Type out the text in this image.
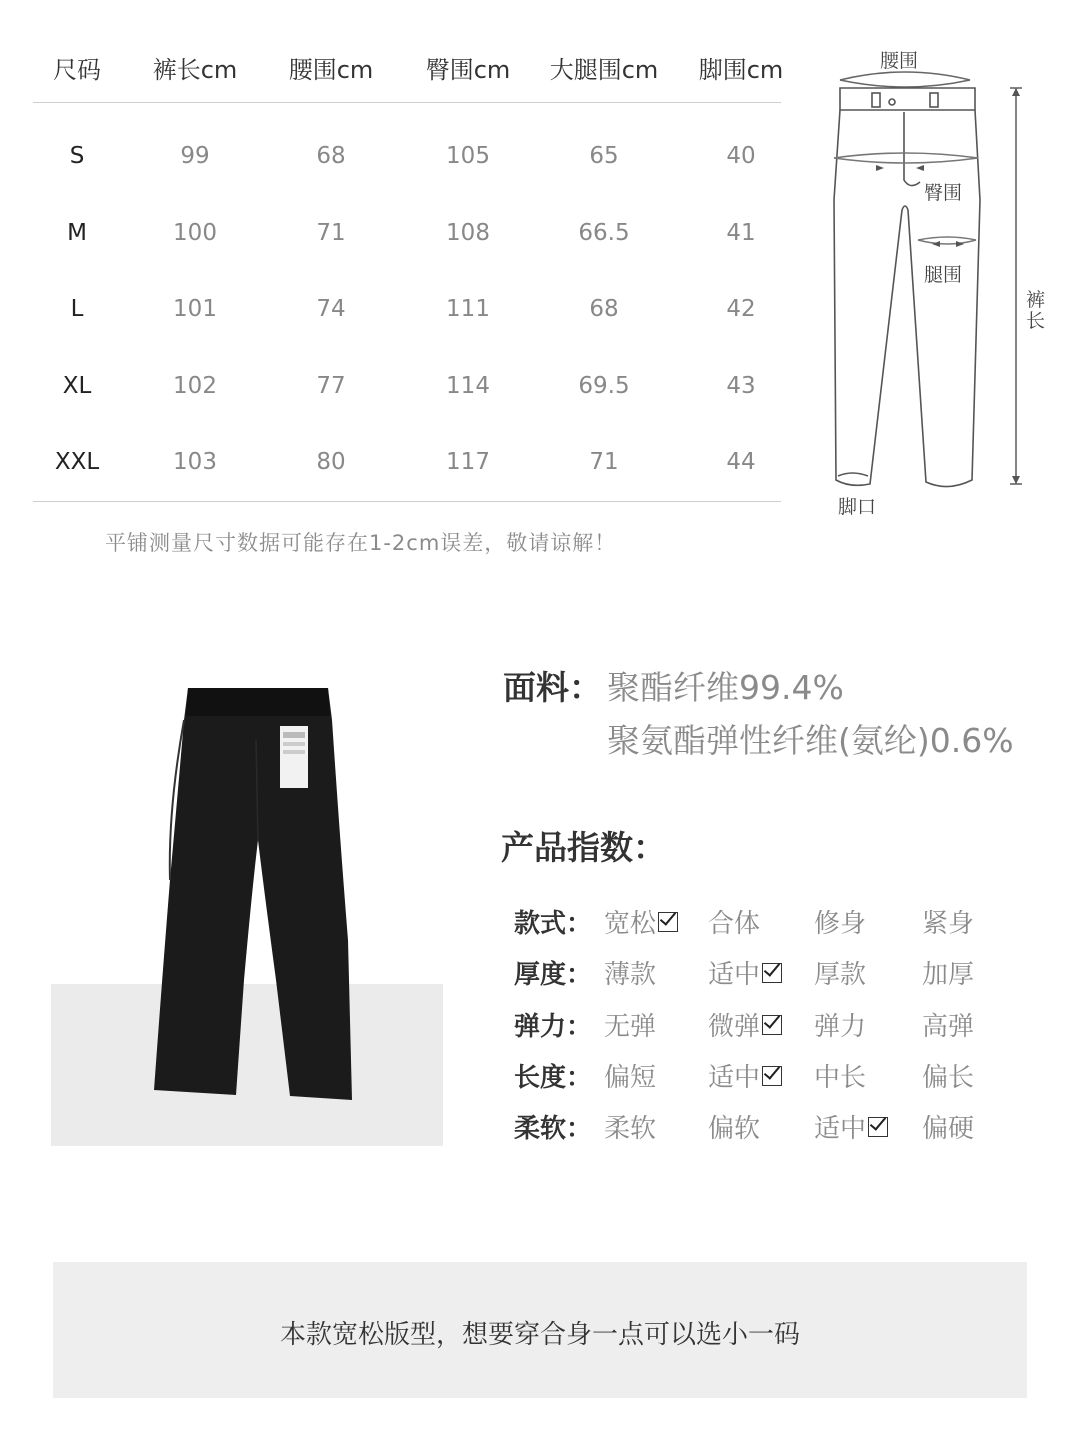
尺码 裤长cm 腰围cm 臀围cm 大腿围cm 脚围cm
S	99	68	105	65	40
M	100	71	108	66.5	41
L	101	74	111	68	42
XL	102	77	114	69.5	43
XXL	103	80	117	71	44
平铺测量尺寸数据可能存在1-2cm误差，敬请谅解！
腰围
臀围
腿围
裤长
脚口
面料： 聚酯纤维99.4%
聚氨酯弹性纤维(氨纶)0.6%
产品指数：
款式： 宽松	合体 修身 紧身
厚度： 薄款 适中	厚款 加厚
弹力： 无弹 微弹	弹力 高弹
长度： 偏短 适中	中长 偏长
柔软： 柔软 偏软 适中	偏硬
本款宽松版型，想要穿合身一点可以选小一码
